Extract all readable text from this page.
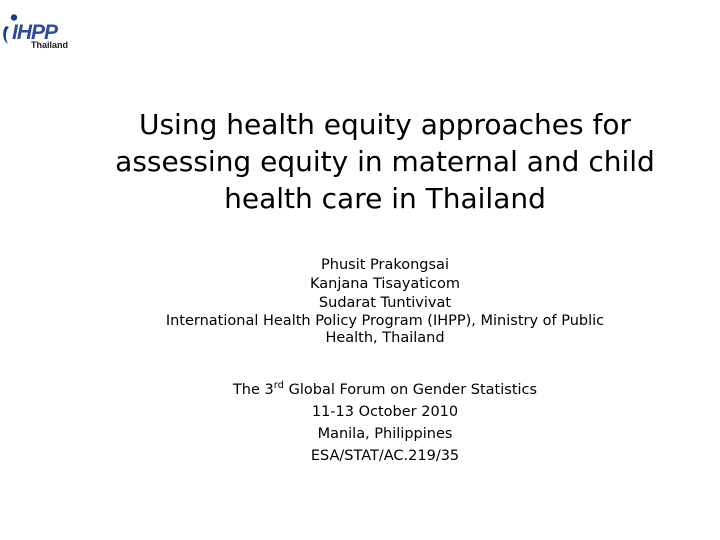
IHPP
Thailand
Using health equity approaches for
assessing equity in maternal and child
health care in Thailand
Phusit Prakongsai
Kanjana Tisayaticom
Sudarat Tuntivivat
International Health Policy Program (IHPP), Ministry of Public
Health, Thailand
The 3rd Global Forum on Gender Statistics
11-13 October 2010
Manila, Philippines
ESA/STAT/AC.219/35
